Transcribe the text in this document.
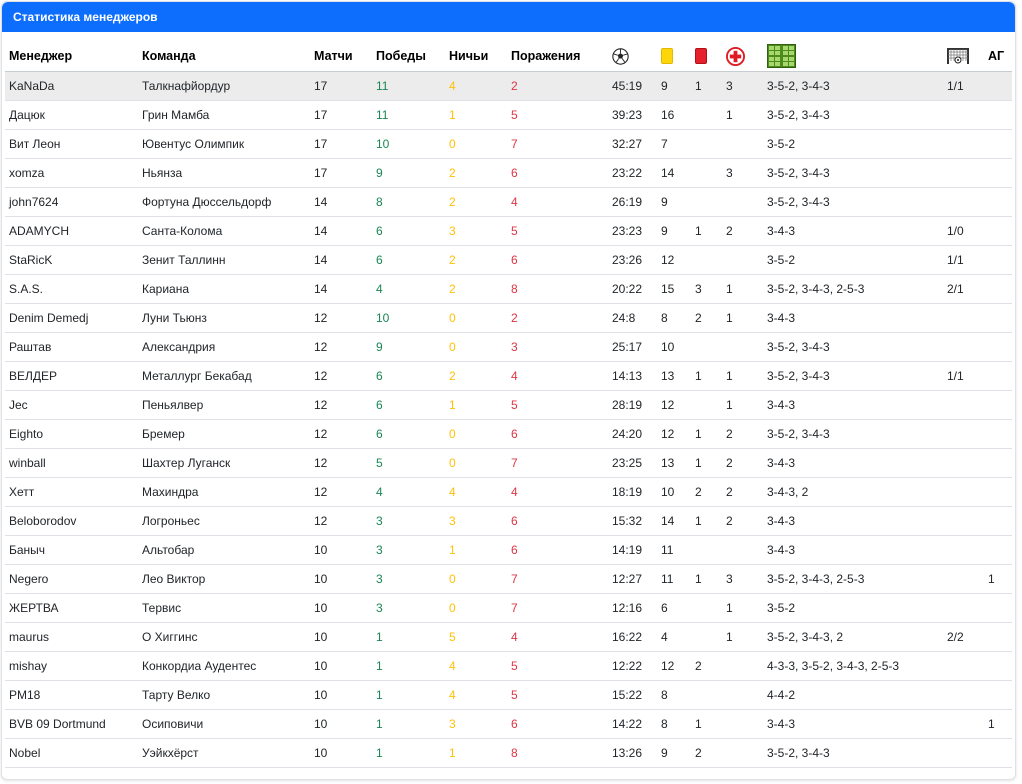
Статистика менеджеров
Менеджер	Команда	Матчи	Победы	Ничьи	Поражения							АГ
KaNaDa	Талкнафйордур	17	11	4	2	45:19	9	1	3	3-5-2, 3-4-3	1/1	
Дацюк	Грин Мамба	17	11	1	5	39:23	16		1	3-5-2, 3-4-3		
Вит Леон	Ювентус Олимпик	17	10	0	7	32:27	7			3-5-2		
xomza	Ньянза	17	9	2	6	23:22	14		3	3-5-2, 3-4-3		
john7624	Фортуна Дюссельдорф	14	8	2	4	26:19	9			3-5-2, 3-4-3		
ADAMYCH	Санта-Колома	14	6	3	5	23:23	9	1	2	3-4-3	1/0	
StaRicK	Зенит Таллинн	14	6	2	6	23:26	12			3-5-2	1/1	
S.A.S.	Кариана	14	4	2	8	20:22	15	3	1	3-5-2, 3-4-3, 2-5-3	2/1	
Denim Demedj	Луни Тьюнз	12	10	0	2	24:8	8	2	1	3-4-3		
Раштав	Александрия	12	9	0	3	25:17	10			3-5-2, 3-4-3		
ВЕЛДЕР	Металлург Бекабад	12	6	2	4	14:13	13	1	1	3-5-2, 3-4-3	1/1	
Jec	Пеньялвер	12	6	1	5	28:19	12		1	3-4-3		
Eighto	Бремер	12	6	0	6	24:20	12	1	2	3-5-2, 3-4-3		
winball	Шахтер Луганск	12	5	0	7	23:25	13	1	2	3-4-3		
Хетт	Махиндра	12	4	4	4	18:19	10	2	2	3-4-3, 2		
Beloborodov	Логроньес	12	3	3	6	15:32	14	1	2	3-4-3		
Баныч	Альтобар	10	3	1	6	14:19	11			3-4-3		
Negero	Лео Виктор	10	3	0	7	12:27	11	1	3	3-5-2, 3-4-3, 2-5-3		1
ЖЕРТВА	Тервис	10	3	0	7	12:16	6		1	3-5-2		
maurus	О Хиггинс	10	1	5	4	16:22	4		1	3-5-2, 3-4-3, 2	2/2	
mishay	Конкордиа Аудентес	10	1	4	5	12:22	12	2		4-3-3, 3-5-2, 3-4-3, 2-5-3		
PM18	Тарту Велко	10	1	4	5	15:22	8			4-4-2		
BVB 09 Dortmund	Осиповичи	10	1	3	6	14:22	8	1		3-4-3		1
Nobel	Уэйкхёрст	10	1	1	8	13:26	9	2		3-5-2, 3-4-3		
